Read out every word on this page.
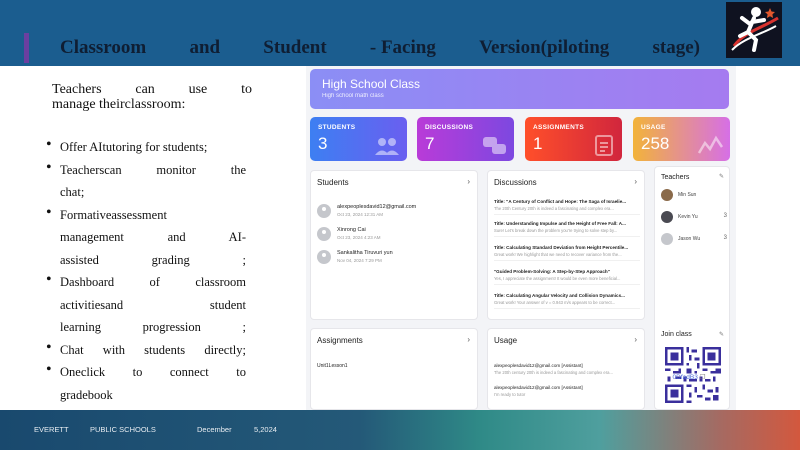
Classroom and Student - Facing Version(piloting stage)
Teachers can use to
manage theirclassroom:
• Offer AItutoring for students;
• Teacherscan monitor the
chat;
• Formativeassessment
management and AI-
assisted grading ;
• Dashboard of classroom
activitiesand student
learning progression ;
• Chat with students directly;
• Oneclick to connect to
gradebook
High School Class
High school math class
STUDENTS
3
DISCUSSIONS
7
ASSIGNMENTS
1
USAGE
258
Students	›
alexpeoplesdavid12@gmail.com
Oct 23, 2024 12:31 AM
Xinrong Cai
Oct 23, 2024 4:23 AM
Sankalitha Tiruvuri yun
Nov 04, 2024 7:29 PM
Discussions	›
Title: "A Century of Conflict and Hope: The Saga of Israelie...
The 20th Century 20th is indeed a fascinating and complex era...
Title: Understanding Impulse and the Height of Free Fall: A...
Sure! Let's break down the problem you're trying to solve step by...
Title: Calculating Standard Deviation from Height Percentile...
Great work! We highlight that we need to recover variance from the...
"Guided Problem-Solving: A Step-by-Step Approach"
Yes, I appreciate the assignment! It would be even more beneficial...
Title: Calculating Angular Velocity and Collision Dynamics...
Great work! Your answer of v = 0.943 m/s appears to be correct...
Teachers	✎
Min Sun
Kevin Yu	3
Jason Wu	3
Join class	✎
Assignments	›
Unit1Lesson1
Usage	›
alexpeoplesdavid12@gmail.com [Assistant]
The 20th century 20th is indeed a fascinating and complex era...
alexpeoplesdavid12@gmail.com [Assistant]
I'm ready to tutor
0DfadB3 ❐
EVERETT	PUBLIC SCHOOLS	December	5,2024
